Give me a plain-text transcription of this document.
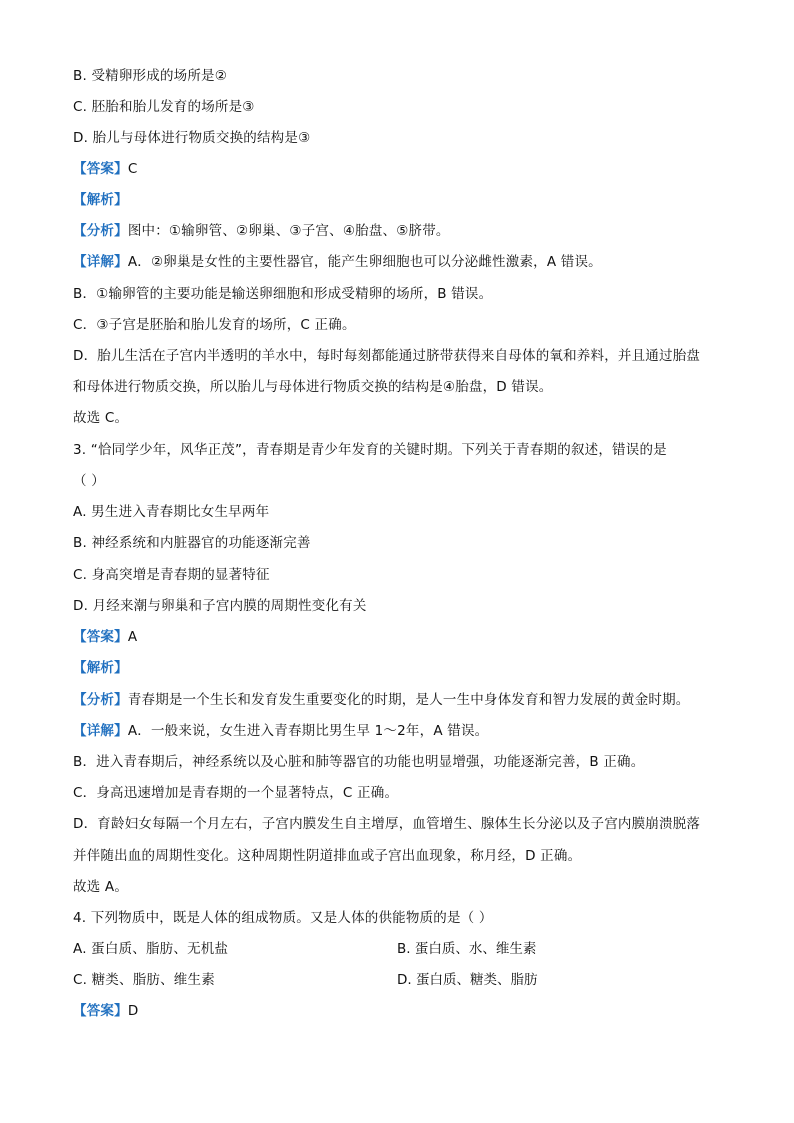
B. 受精卵形成的场所是②
C. 胚胎和胎儿发育的场所是③
D. 胎儿与母体进行物质交换的结构是③
【答案】C
【解析】
【分析】图中：①输卵管、②卵巢、③子宫、④胎盘、⑤脐带。
【详解】A．②卵巢是女性的主要性器官，能产生卵细胞也可以分泌雌性激素，A 错误。
B．①输卵管的主要功能是输送卵细胞和形成受精卵的场所，B 错误。
C．③子宫是胚胎和胎儿发育的场所，C 正确。
D．胎儿生活在子宫内半透明的羊水中，每时每刻都能通过脐带获得来自母体的氧和养料，并且通过胎盘
和母体进行物质交换，所以胎儿与母体进行物质交换的结构是④胎盘，D 错误。
故选 C。
3. “恰同学少年，风华正茂”，青春期是青少年发育的关键时期。下列关于青春期的叙述，错误的是
（ ）
A. 男生进入青春期比女生早两年
B. 神经系统和内脏器官的功能逐渐完善
C. 身高突增是青春期的显著特征
D. 月经来潮与卵巢和子宫内膜的周期性变化有关
【答案】A
【解析】
【分析】青春期是一个生长和发育发生重要变化的时期，是人一生中身体发育和智力发展的黄金时期。
【详解】A．一般来说，女生进入青春期比男生早 1～2年，A 错误。
B．进入青春期后，神经系统以及心脏和肺等器官的功能也明显增强，功能逐渐完善，B 正确。
C．身高迅速增加是青春期的一个显著特点，C 正确。
D．育龄妇女每隔一个月左右，子宫内膜发生自主增厚，血管增生、腺体生长分泌以及子宫内膜崩溃脱落
并伴随出血的周期性变化。这种周期性阴道排血或子宫出血现象，称月经，D 正确。
故选 A。
4. 下列物质中，既是人体的组成物质。又是人体的供能物质的是（ ）
A. 蛋白质、脂肪、无机盐	B. 蛋白质、水、维生素
C. 糖类、脂肪、维生素	D. 蛋白质、糖类、脂肪
【答案】D
